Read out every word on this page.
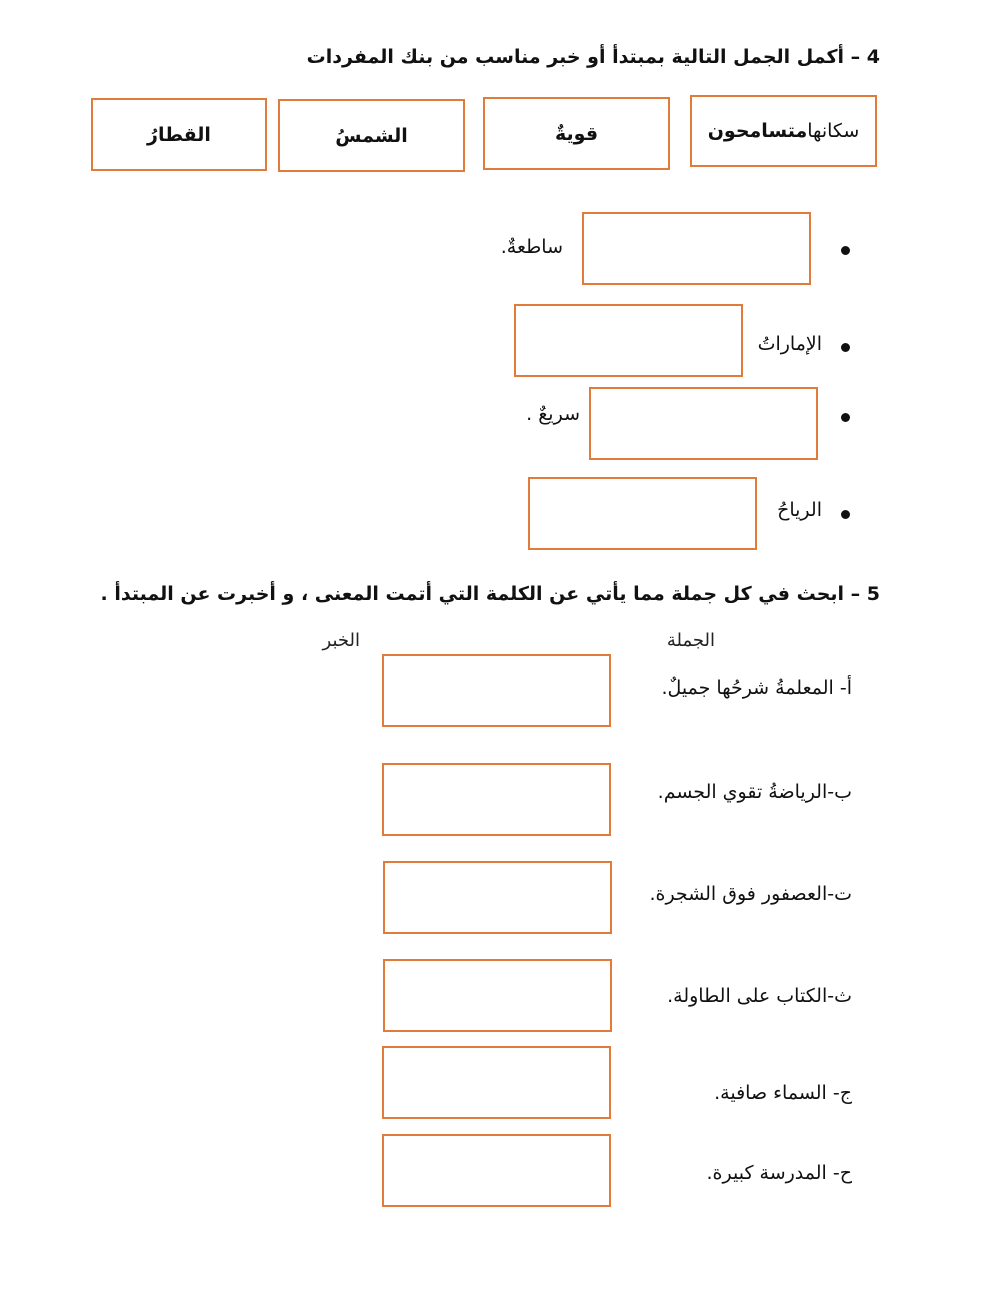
4 – أكمل الجمل التالية بمبتدأ أو خبر مناسب من بنك المفردات
سكانها
متسامحون
قويةٌ
الشمسُ
القطارُ
ساطعةٌ.
الإماراتُ
سريعٌ .
الرياحُ
5 – ابحث في كل جملة مما يأتي عن الكلمة التي أتمت المعنى ، و أخبرت عن المبتدأ .
الجملة
الخبر
أ- المعلمةُ شرحُها جميلٌ.
ب-الرياضةُ تقوي الجسم.
ت-العصفور فوق الشجرة.
ث-الكتاب على الطاولة.
ج- السماء صافية.
ح- المدرسة كبيرة.
